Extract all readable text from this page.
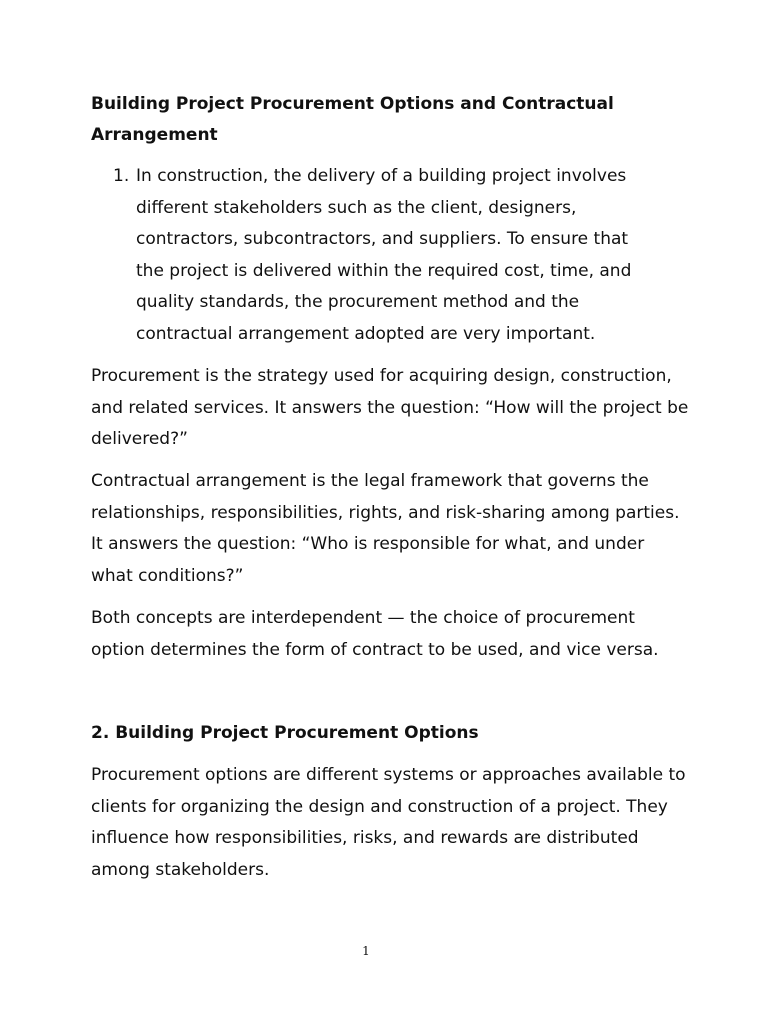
Building Project Procurement Options and Contractual Arrangement
1. In construction, the delivery of a building project involves different stakeholders such as the client, designers, contractors, subcontractors, and suppliers. To ensure that the project is delivered within the required cost, time, and quality standards, the procurement method and the contractual arrangement adopted are very important.

Procurement is the strategy used for acquiring design, construction, and related services. It answers the question: “How will the project be delivered?”

Contractual arrangement is the legal framework that governs the relationships, responsibilities, rights, and risk-sharing among parties. It answers the question: “Who is responsible for what, and under what conditions?”

Both concepts are interdependent — the choice of procurement option determines the form of contract to be used, and vice versa.

2. Building Project Procurement Options

Procurement options are different systems or approaches available to clients for organizing the design and construction of a project. They influence how responsibilities, risks, and rewards are distributed among stakeholders.

1
